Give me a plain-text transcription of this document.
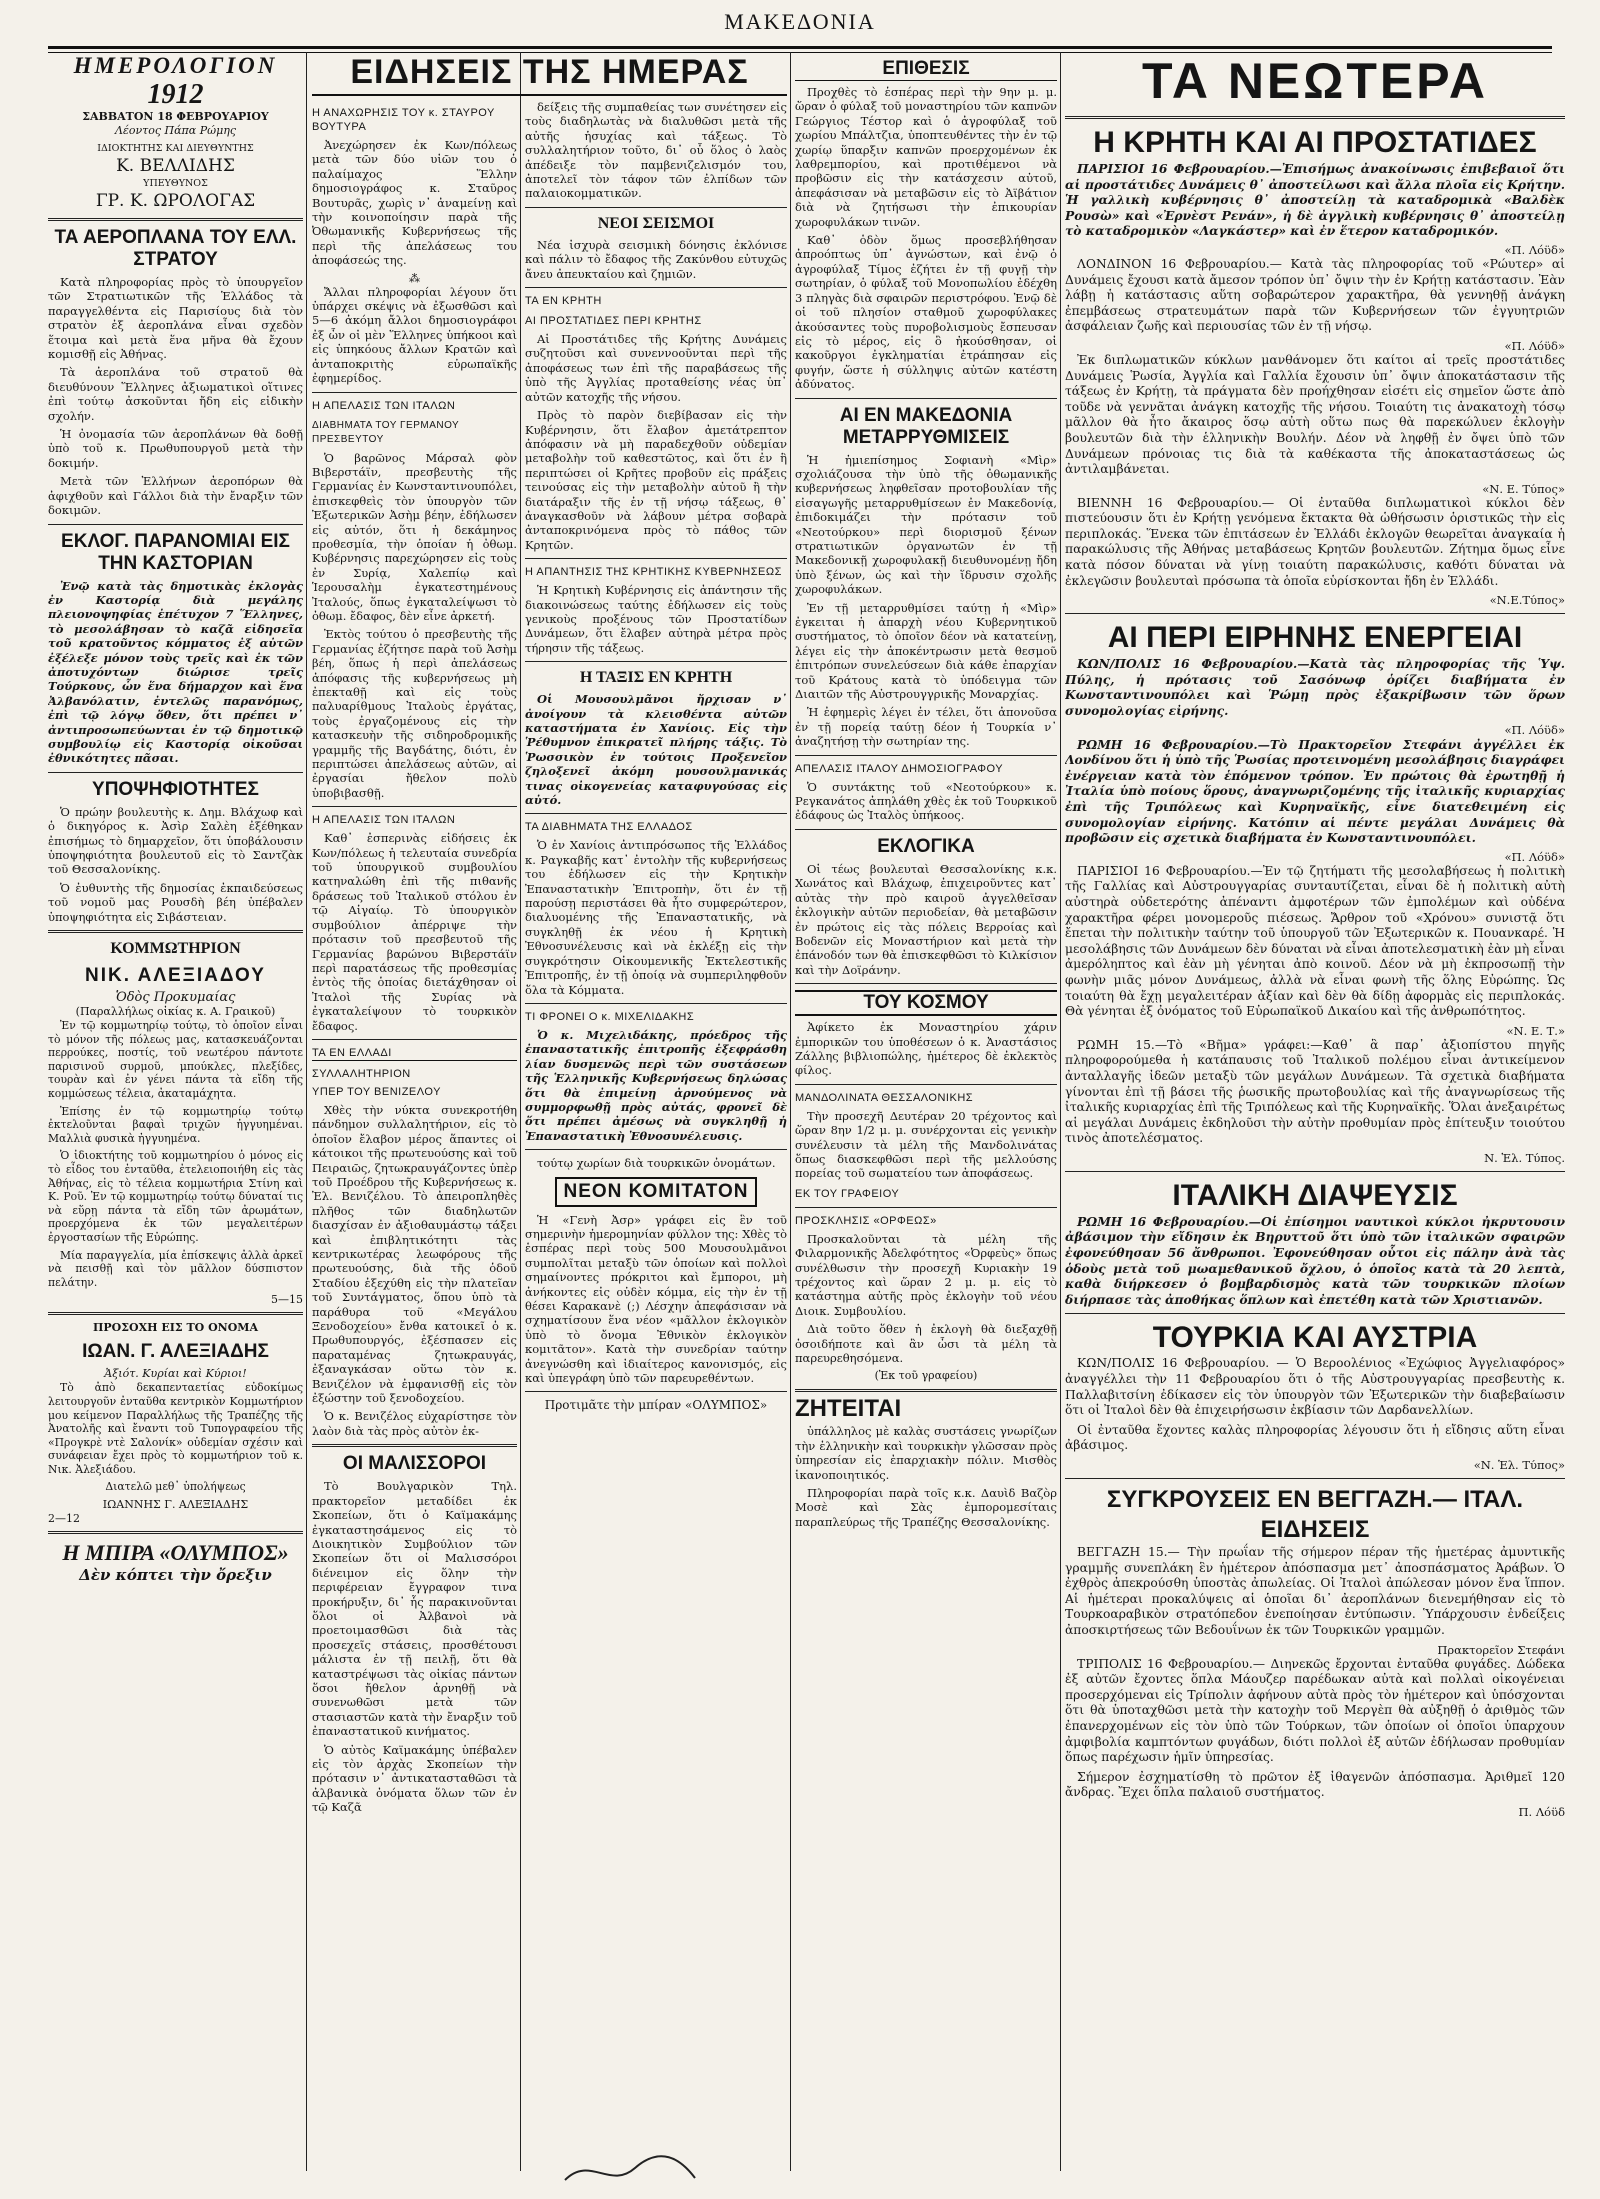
ΜΑΚΕΔΟΝΙΑ
ΗΜΕΡΟΛΟΓΙΟΝ
1912
ΣΑΒΒΑΤΟΝ 18 ΦΕΒΡΟΥΑΡΙΟΥ
Λέοντος Πάπα Ρώμης
ΙΔΙΟΚΤΗΤΗΣ ΚΑΙ ΔΙΕΥΘΥΝΤΗΣ
Κ. ΒΕΛΛΙΔΗΣ
ΥΠΕΥΘΥΝΟΣ
ΓΡ. Κ. ΩΡΟΛΟΓΑΣ
ΤΑ ΑΕΡΟΠΛΑΝΑ ΤΟΥ ΕΛΛ. ΣΤΡΑΤΟΥ

Κατὰ πληροφορίας πρὸς τὸ ὑπουργεῖον τῶν Στρατιωτικῶν τῆς Ἑλλάδος τὰ παραγγελθέντα εἰς Παρισίους διὰ τὸν στρατὸν ἐξ ἀεροπλάνα εἶναι σχεδὸν ἕτοιμα καὶ μετὰ ἕνα μῆνα θὰ ἔχουν κομισθῇ εἰς Ἀθήνας.

Τὰ ἀεροπλάνα τοῦ στρατοῦ θὰ διευθύνουν Ἕλληνες ἀξιωματικοὶ οἵτινες ἐπὶ τούτῳ ἀσκοῦνται ἤδη εἰς εἰδικὴν σχολήν.

Ἡ ὀνομασία τῶν ἀεροπλάνων θὰ δοθῇ ὑπὸ τοῦ κ. Πρωθυπουργοῦ μετὰ τὴν δοκιμήν.

Μετὰ τῶν Ἑλλήνων ἀεροπόρων θὰ ἀφιχθοῦν καὶ Γάλλοι διὰ τὴν ἔναρξιν τῶν δοκιμῶν.

ΕΚΛΟΓ. ΠΑΡΑΝΟΜΙΑΙ ΕΙΣ ΤΗΝ ΚΑΣΤΟΡΙΑΝ

Ἐνῷ κατὰ τὰς δημοτικὰς ἐκλογὰς ἐν Καστορίᾳ διὰ μεγάλης πλειονοψηφίας ἐπέτυχον 7 Ἕλληνες, τὸ μεσολάβησαν τὸ καζᾶ εἰδησεῖα τοῦ κρατοῦντος κόμματος ἐξ αὐτῶν ἐξέλεξε μόνον τοὺς τρεῖς καὶ ἐκ τῶν ἀποτυχόντων διώρισε τρεῖς Τούρκους, ὧν ἕνα δήμαρχον καὶ ἕνα Ἀλβανόλατιν, ἐντελῶς παρανόμως, ἐπὶ τῷ λόγῳ ὅθεν, ὅτι πρέπει ν᾽ ἀντιπροσωπεύωνται ἐν τῷ δημοτικῷ συμβουλίῳ εἰς Καστορίᾳ οἰκοῦσαι ἐθνικότητες πᾶσαι.

ΥΠΟΨΗΦΙΟΤΗΤΕΣ

Ὁ πρώην βουλευτὴς κ. Δημ. Βλάχωφ καὶ ὁ δικηγόρος κ. Ἀσὶρ Σαλὲη ἐξέθηκαν ἐπισήμως τὸ δημαρχεῖον, ὅτι ὑποβάλουσιν ὑποψηφιότητα βουλευτοῦ εἰς τὸ Σαντζὰκ τοῦ Θεσσαλονίκης.

Ὁ ἐυθυντὴς τῆς δημοσίας ἐκπαιδεύσεως τοῦ νομοῦ μας Ρουσδὴ βέη ὑπέβαλεν ὑποψηφιότητα εἰς Σιβάστειαν.

ΚΟΜΜΩΤΗΡΙΟΝ
ΝΙΚ. ΑΛΕΞΙΑΔΟΥ
Ὁδὸς Προκυμαίας
(Παραλλήλως οἰκίας κ. Α. Γραικοῦ)

Ἐν τῷ κομμωτηρίῳ τούτῳ, τὸ ὁποῖον εἶναι τὸ μόνον τῆς πόλεως μας, κατασκευάζονται περρούκες, ποστίς, τοῦ νεωτέρου πάντοτε παρισινοῦ συρμοῦ, μπούκλες, πλεξίδες, τουρὰν καὶ ἐν γένει πάντα τὰ εἴδη τῆς κομμώσεως τέλεια, ἀκαταμάχητα.

Ἐπίσης ἐν τῷ κομμωτηρίῳ τούτῳ ἐκτελοῦνται βαφαὶ τριχῶν ἠγγυημέναι. Μαλλιὰ φυσικὰ ἠγγυημένα.

Ὁ ἰδιοκτήτης τοῦ κομμωτηρίου ὁ μόνος εἰς τὸ εἶδος του ἐνταῦθα, ἐτελειοποιήθη εἰς τὰς Ἀθήνας, εἰς τὸ τέλεια κομμωτήρια Στίνη καὶ Κ. Ροῦ. Ἐν τῷ κομμωτηρίῳ τούτῳ δύναταί τις νὰ εὕρῃ πάντα τὰ εἴδη τῶν ἀρωμάτων, προερχόμενα ἐκ τῶν μεγαλειτέρων ἐργοστασίων τῆς Εὐρώπης.

Μία παραγγελία, μία ἐπίσκεψις ἀλλὰ ἀρκεῖ νὰ πεισθῇ καὶ τὸν μᾶλλον δύσπιστον πελάτην.

5—15
ΠΡΟΣΟΧΗ ΕΙΣ ΤΟ ΟΝΟΜΑ
ΙΩΑΝ. Γ. ΑΛΕΞΙΑΔΗΣ
Ἀξιότ. Κυρίαι καὶ Κύριοι!

Τὸ ἀπὸ δεκαπενταετίας εὐδοκίμως λειτουργοῦν ἐνταῦθα κεντρικὸν Κομμωτήριον μου κείμενον Παραλλήλως τῆς Τραπέζης τῆς Ἀνατολῆς καὶ ἔναντι τοῦ Τυπογραφείου τῆς «Προγκρὲ ντὲ Σαλονίκ» οὐδεμίαν σχέσιν καὶ συνάφειαν ἔχει πρὸς τὸ κομμωτήριον τοῦ κ. Νικ. Ἀλεξιάδου.

Διατελῶ μεθ᾽ ὑπολήψεως

ΙΩΑΝΝΗΣ Γ. ΑΛΕΞΙΑΔΗΣ
2—12
Η ΜΠΙΡΑ «ΟΛΥΜΠΟΣ»
Δὲν κόπτει τὴν ὄρεξιν
ΕΙΔΗΣΕΙΣ ΤΗΣ ΗΜΕΡΑΣ
Η ΑΝΑΧΩΡΗΣΙΣ ΤΟΥ κ. ΣΤΑΥΡΟΥ ΒΟΥΤΥΡΑ

Ἀνεχώρησεν ἐκ Κων/πόλεως μετὰ τῶν δύο υἱῶν του ὁ παλαίμαχος Ἕλλην δημοσιογράφος κ. Σταῦρος Βουτυρᾶς, χωρὶς ν᾽ ἀναμείνῃ καὶ τὴν κοινοποίησιν παρὰ τῆς Ὀθωμανικῆς Κυβερνήσεως τῆς περὶ τῆς ἀπελάσεως του ἀποφάσεώς της.

⁂

Ἄλλαι πληροφορίαι λέγουν ὅτι ὑπάρχει σκέψις νὰ ἐξωσθῶσι καὶ 5—6 ἀκόμη ἄλλοι δημοσιογράφοι ἐξ ὧν οἱ μὲν Ἕλληνες ὑπήκοοι καὶ εἰς ὑπηκόους ἄλλων Κρατῶν καὶ ἀνταποκριτὴς εὐρωπαϊκῆς ἐφημερίδος.

Η ΑΠΕΛΑΣΙΣ ΤΩΝ ΙΤΑΛΩΝ
ΔΙΑΒΗΜΑΤΑ ΤΟΥ ΓΕΡΜΑΝΟΥ ΠΡΕΣΒΕΥΤΟΥ

Ὁ βαρῶνος Μάρσαλ φὸν Βιβερστάϊν, πρεσβευτὴς τῆς Γερμανίας ἐν Κωνσταντινουπόλει, ἐπισκεφθεὶς τὸν ὑπουργὸν τῶν Ἐξωτερικῶν Ἀσὴμ βέην, ἐδήλωσεν εἰς αὐτόν, ὅτι ἡ δεκάμηνος προθεσμία, τὴν ὁποίαν ἡ ὀθωμ. Κυβέρνησις παρεχώρησεν εἰς τοὺς ἐν Συρίᾳ, Χαλεπίῳ καὶ Ἱερουσαλὴμ ἐγκατεστημένους Ἰταλούς, ὅπως ἐγκαταλείψωσι τὸ ὀθωμ. ἔδαφος, δὲν εἶνε ἀρκετή.

Ἐκτὸς τούτου ὁ πρεσβευτὴς τῆς Γερμανίας ἐζήτησε παρὰ τοῦ Ἀσὴμ βέη, ὅπως ἡ περὶ ἀπελάσεως ἀπόφασις τῆς κυβερνήσεως μὴ ἐπεκταθῇ καὶ εἰς τοὺς παλυαρίθμους Ἰταλοὺς ἐργάτας, τοὺς ἐργαζομένους εἰς τὴν κατασκευὴν τῆς σιδηροδρομικῆς γραμμῆς τῆς Βαγδάτης, διότι, ἐν περιπτώσει ἀπελάσεως αὐτῶν, αἱ ἐργασίαι ἤθελον πολὺ ὑποβιβασθῇ.

Η ΑΠΕΛΑΣΙΣ ΤΩΝ ΙΤΑΛΩΝ

Καθ᾽ ἐσπερινὰς εἰδήσεις ἐκ Κων/πόλεως ἡ τελευταία συνεδρία τοῦ ὑπουργικοῦ συμβουλίου κατηναλώθη ἐπὶ τῆς πιθανῆς δράσεως τοῦ Ἰταλικοῦ στόλου ἐν τῷ Αἰγαίῳ. Τὸ ὑπουργικὸν συμβούλιον ἀπέρριψε τὴν πρότασιν τοῦ πρεσβευτοῦ τῆς Γερμανίας βαρώνου Βιβερστάϊν περὶ παρατάσεως τῆς προθεσμίας ἐντὸς τῆς ὁποίας διετάχθησαν οἱ Ἰταλοὶ τῆς Συρίας νὰ ἐγκαταλείψουν τὸ τουρκικὸν ἔδαφος.

ΤΑ ΕΝ ΕΛΛΑΔΙ
ΣΥΛΛΑΛΗΤΗΡΙΟΝ
ΥΠΕΡ ΤΟΥ ΒΕΝΙΖΕΛΟΥ

Χθὲς τὴν νύκτα συνεκροτήθη πάνδημον συλλαλητήριον, εἰς τὸ ὁποῖον ἔλαβον μέρος ἅπαντες οἱ κάτοικοι τῆς πρωτευούσης καὶ τοῦ Πειραιῶς, ζητωκραυγάζοντες ὑπὲρ τοῦ Προέδρου τῆς Κυβερνήσεως κ. Ἐλ. Βενιζέλου. Τὸ ἀπειροπληθὲς πλῆθος τῶν διαδηλωτῶν διασχίσαν ἐν ἀξιοθαυμάστῳ τάξει καὶ ἐπιβλητικότητι τὰς κεντρικωτέρας λεωφόρους τῆς πρωτευούσης, διὰ τῆς ὁδοῦ Σταδίου ἐξεχύθη εἰς τὴν πλατεῖαν τοῦ Συντάγματος, ὅπου ὑπὸ τὰ παράθυρα τοῦ «Μεγάλου Ξενοδοχείου» ἔνθα κατοικεῖ ὁ κ. Πρωθυπουργός, ἐξέσπασεν εἰς παραταμένας ζητωκραυγάς, ἐξαναγκάσαν οὕτω τὸν κ. Βενιζέλον νὰ ἐμφανισθῇ εἰς τὸν ἐξώστην τοῦ ξενοδοχείου.

Ὁ κ. Βενιζέλος εὐχαρίστησε τὸν λαὸν διὰ τὰς πρὸς αὐτὸν ἐκ-

ΟΙ ΜΑΛΙΣΣΟΡΟΙ

Τὸ Βουλγαρικὸν Τηλ. πρακτορεῖον μεταδίδει ἐκ Σκοπείων, ὅτι ὁ Καϊμακάμης ἐγκαταστησάμενος εἰς τὸ Διοικητικὸν Συμβούλιον τῶν Σκοπείων ὅτι οἱ Μαλισσόροι διένειμον εἰς ὅλην τὴν περιφέρειαν ἔγγραφον τινα προκήρυξιν, δι᾽ ἧς παρακινοῦνται ὅλοι οἱ Ἀλβανοὶ νὰ προετοιμασθῶσι διὰ τὰς προσεχεῖς στάσεις, προσθέτουσι μάλιστα ἐν τῇ πειλῇ, ὅτι θὰ καταστρέψωσι τὰς οἰκίας πάντων ὅσοι ἤθελον ἀρνηθῇ νὰ συνενωθῶσι μετὰ τῶν στασιαστῶν κατὰ τὴν ἔναρξιν τοῦ ἐπαναστατικοῦ κινήματος.

Ὁ αὐτὸς Καϊμακάμης ὑπέβαλεν εἰς τὸν ἀρχὰς Σκοπείων τὴν πρότασιν ν᾽ ἀντικατασταθῶσι τὰ ἀλβανικὰ ὀνόματα ὅλων τῶν ἐν τῷ Καζᾶ

δείξεις τῆς συμπαθείας των συνέτησεν εἰς τοὺς διαδηλωτὰς νὰ διαλυθῶσι μετὰ τῆς αὐτῆς ἡσυχίας καὶ τάξεως. Τὸ συλλαλητήριον τοῦτο, δι᾽ οὗ ὅλος ὁ λαὸς ἀπέδειξε τὸν παμβενιζελισμόν του, ἀποτελεῖ τὸν τάφον τῶν ἐλπίδων τῶν παλαιοκομματικῶν.

ΝΕΟΙ ΣΕΙΣΜΟΙ

Νέα ἰσχυρὰ σεισμικὴ δόνησις ἐκλόνισε καὶ πάλιν τὸ ἔδαφος τῆς Ζακύνθου εὐτυχῶς ἄνευ ἀπευκταίου καὶ ζημιῶν.

ΤΑ ΕΝ ΚΡΗΤΗ
ΑΙ ΠΡΟΣΤΑΤΙΔΕΣ ΠΕΡΙ ΚΡΗΤΗΣ

Αἱ Προστάτιδες τῆς Κρήτης Δυνάμεις συζητοῦσι καὶ συνεννοοῦνται περὶ τῆς ἀποφάσεως των ἐπὶ τῆς παραβάσεως τῆς ὑπὸ τῆς Ἀγγλίας προταθείσης νέας ὑπ᾽ αὐτῶν κατοχῆς τῆς νήσου.

Πρὸς τὸ παρὸν διεβίβασαν εἰς τὴν Κυβέρνησιν, ὅτι ἔλαβον ἀμετάτρεπτον ἀπόφασιν νὰ μὴ παραδεχθοῦν οὐδεμίαν μεταβολὴν τοῦ καθεστῶτος, καὶ ὅτι ἐν ἣ περιπτώσει οἱ Κρῆτες προβοῦν εἰς πράξεις τεινούσας εἰς τὴν μεταβολὴν αὐτοῦ ἢ τὴν διατάραξιν τῆς ἐν τῇ νήσῳ τάξεως, θ᾽ ἀναγκασθοῦν νὰ λάβουν μέτρα σοβαρὰ ἀνταποκρινόμενα πρὸς τὸ πάθος τῶν Κρητῶν.

Η ΑΠΑΝΤΗΣΙΣ ΤΗΣ ΚΡΗΤΙΚΗΣ ΚΥΒΕΡΝΗΣΕΩΣ

Ἡ Κρητικὴ Κυβέρνησις εἰς ἀπάντησιν τῆς διακοινώσεως ταύτης ἐδήλωσεν εἰς τοὺς γενικοὺς προξένους τῶν Προστατίδων Δυνάμεων, ὅτι ἔλαβεν αὐτηρὰ μέτρα πρὸς τήρησιν τῆς τάξεως.

Η ΤΑΞΙΣ ΕΝ ΚΡΗΤΗ

Οἱ Μουσουλμᾶνοι ἤρχισαν ν᾽ ἀνοίγουν τὰ κλεισθέντα αὐτῶν καταστήματα ἐν Χανίοις. Εἰς τὴν Ῥέθυμνον ἐπικρατεῖ πλήρης τάξις. Τὸ Ῥωσσικὸν ἐν τούτοις Προξενεῖον ζηλοξενεῖ ἀκόμη μουσουλμανικάς τινας οἰκογενείας καταφυγούσας εἰς αὐτό.

ΤΑ ΔΙΑΒΗΜΑΤΑ ΤΗΣ ΕΛΛΑΔΟΣ

Ὁ ἐν Χανίοις ἀντιπρόσωπος τῆς Ἑλλάδος κ. Ραγκαβῆς κατ᾽ ἐντολὴν τῆς κυβερνήσεως του ἐδήλωσεν εἰς τὴν Κρητικὴν Ἐπαναστατικὴν Ἐπιτροπὴν, ὅτι ἐν τῇ παρούσῃ περιστάσει θὰ ἦτο συμφερώτερον, διαλυομένης τῆς Ἐπαναστατικῆς, νὰ συγκληθῇ ἐκ νέου ἡ Κρητικὴ Ἐθνοσυνέλευσις καὶ νὰ ἐκλέξῃ εἰς τὴν συγκρότησιν Οἰκουμενικῆς Ἐκτελεστικῆς Ἐπιτροπῆς, ἐν τῇ ὁποίᾳ νὰ συμπεριληφθοῦν ὅλα τὰ Κόμματα.

ΤΙ ΦΡΟΝΕΙ Ο κ. ΜΙΧΕΛΙΔΑΚΗΣ

Ὁ κ. Μιχελιδάκης, πρόεδρος τῆς ἐπαναστατικῆς ἐπιτροπῆς ἐξεφράσθη λίαν δυσμενῶς περὶ τῶν συστάσεων τῆς Ἑλληνικῆς Κυβερνήσεως δηλώσας ὅτι θὰ ἐπιμείνῃ ἀρνούμενος νὰ συμμορφωθῇ πρὸς αὐτάς, φρονεῖ δὲ ὅτι πρέπει ἀμέσως νὰ συγκληθῇ ἡ Ἐπαναστατικὴ Ἐθνοσυνέλευσις.

τούτῳ χωρίων διὰ τουρκικῶν ὀνομάτων.

ΝΕΟΝ ΚΟΜΙΤΑΤΟΝ

Ἡ «Γενὴ Ἀσρ» γράφει εἰς ἓν τοῦ σημερινὴν ἡμερομηνίαν φύλλον της: Χθὲς τὸ ἑσπέρας περὶ τοὺς 500 Μουσουλμᾶνοι συμπολῖται μεταξὺ τῶν ὁποίων καὶ πολλοὶ σημαίνοντες πρόκριτοι καὶ ἔμποροι, μὴ ἀνήκοντες εἰς οὐδὲν κόμμα, εἰς τὴν ἐν τῇ θέσει Καρακανὲ (;) Λέσχην ἀπεφάσισαν νὰ σχηματίσουν ἕνα νέον «μᾶλλον ἐκλογικὸν ὑπὸ τὸ ὄνομα Ἐθνικὸν ἐκλογικὸν κομιτᾶτον». Κατὰ τὴν συνεδρίαν ταύτην ἀνεγνώσθη καὶ ἰδιαίτερος κανονισμός, εἰς καὶ ὑπεγράφη ὑπὸ τῶν παρευρεθέντων.

Προτιμᾶτε τὴν μπίραν «ΟΛΥΜΠΟΣ»
ΕΠΙΘΕΣΙΣ

Προχθὲς τὸ ἑσπέρας περὶ τὴν 9ην μ. μ. ὥραν ὁ φύλαξ τοῦ μοναστηρίου τῶν καπνῶν Γεώργιος Τέστορ καὶ ὁ ἀγροφύλαξ τοῦ χωρίου Μπάλτζια, ὑποπτευθέντες τὴν ἐν τῷ χωρίῳ ὕπαρξιν καπνῶν προερχομένων ἐκ λαθρεμπορίου, καὶ προτιθέμενοι νὰ προβῶσιν εἰς τὴν κατάσχεσιν αὐτοῦ, ἀπεφάσισαν νὰ μεταβῶσιν εἰς τὸ Ἀϊβάτιον διὰ νὰ ζητήσωσι τὴν ἐπικουρίαν χωροφυλάκων τινῶν.

Καθ᾽ ὁδὸν ὅμως προσεβλήθησαν ἀπροόπτως ὑπ᾽ ἀγνώστων, καὶ ἐνῷ ὁ ἀγροφύλαξ Τίμος ἐζήτει ἐν τῇ φυγῇ τὴν σωτηρίαν, ὁ φύλαξ τοῦ Μονοπωλίου ἐδέχθη 3 πληγὰς διὰ σφαιρῶν περιστρόφου. Ἐνῷ δὲ οἱ τοῦ πλησίον σταθμοῦ χωροφύλακες ἀκούσαντες τοὺς πυροβολισμοὺς ἔσπευσαν εἰς τὸ μέρος, εἰς ὃ ἠκούσθησαν, οἱ κακοῦργοι ἐγκληματίαι ἐτράπησαν εἰς φυγήν, ὥστε ἡ σύλληψις αὐτῶν κατέστη ἀδύνατος.

ΑΙ ΕΝ ΜΑΚΕΔΟΝΙΑ ΜΕΤΑΡΡΥΘΜΙΣΕΙΣ

Ἡ ἡμιεπίσημος Σοφιανὴ «Μὶρ» σχολιάζουσα τὴν ὑπὸ τῆς ὀθωμανικῆς κυβερνήσεως ληφθεῖσαν προτοβουλίαν τῆς εἰσαγωγῆς μεταρρυθμίσεων ἐν Μακεδονίᾳ, ἐπιδοκιμάζει τὴν πρότασιν τοῦ «Νεοτούρκου» περὶ διορισμοῦ ξένων στρατιωτικῶν ὀργανωτῶν ἐν τῇ Μακεδονικῇ χωροφυλακῇ διευθυνομένῃ ἤδη ὑπὸ ξένων, ὡς καὶ τὴν ἵδρυσιν σχολῆς χωροφυλάκων.

Ἐν τῇ μεταρρυθμίσει ταύτῃ ἡ «Μὶρ» ἐγκειται ἡ ἀπαρχὴ νέου Κυβερνητικοῦ συστήματος, τὸ ὁποῖον δέον νὰ κατατείνῃ, λέγει εἰς τὴν ἀποκέντρωσιν μετὰ θεσμοῦ ἐπιτρόπων συνελεύσεων διὰ κάθε ἐπαρχίαν τοῦ Κράτους κατὰ τὸ ὑπόδειγμα τῶν Διαιτῶν τῆς Αὐστρουγγρικῆς Μοναρχίας.

Ἡ ἐφημερὶς λέγει ἐν τέλει, ὅτι ἀπονοῦσα ἐν τῇ πορείᾳ ταύτῃ δέον ἡ Τουρκία ν᾽ ἀναζητήσῃ τὴν σωτηρίαν της.

ΑΠΕΛΑΣΙΣ ΙΤΑΛΟΥ ΔΗΜΟΣΙΟΓΡΑΦΟΥ

Ὁ συντάκτης τοῦ «Νεοτούρκου» κ. Ρεγκανάτος ἀπηλάθη χθὲς ἐκ τοῦ Τουρκικοῦ ἐδάφους ὡς Ἰταλὸς ὑπήκοος.

ΕΚΛΟΓΙΚΑ

Οἱ τέως βουλευταὶ Θεσσαλονίκης κ.κ. Χωνάτος καὶ Βλάχωφ, ἐπιχειροῦντες κατ᾽ αὐτὰς τὴν πρὸ καιροῦ ἀγγελθεῖσαν ἐκλογικὴν αὐτῶν περιοδείαν, θὰ μεταβῶσιν ἐν πρώτοις εἰς τὰς πόλεις Βερροίας καὶ Βοδενῶν εἰς Μοναστήριον καὶ μετὰ τὴν ἐπάνοδόν των θὰ ἐπισκεφθῶσι τὸ Κιλκίσιον καὶ τὴν Δοϊράνην.

ΤΟΥ ΚΟΣΜΟΥ

Ἀφίκετο ἐκ Μοναστηρίου χάριν ἐμπορικῶν του ὑποθέσεων ὁ κ. Ἀναστάσιος Ζάλλης βιβλιοπώλης, ἡμέτερος δὲ ἐκλεκτὸς φίλος.

ΜΑΝΔΟΛΙΝΑΤΑ ΘΕΣΣΑΛΟΝΙΚΗΣ

Τὴν προσεχῆ Δευτέραν 20 τρέχοντος καὶ ὥραν 8ην 1/2 μ. μ. συνέρχονται εἰς γενικὴν συνέλευσιν τὰ μέλη τῆς Μανδολινάτας ὅπως διασκεφθῶσι περὶ τῆς μελλούσης πορείας τοῦ σωματείου των ἀποφάσεως.

ΕΚ ΤΟΥ ΓΡΑΦΕΙΟΥ
ΠΡΟΣΚΛΗΣΙΣ «ΟΡΦΕΩΣ»

Προσκαλοῦνται τὰ μέλη τῆς Φιλαρμονικῆς Ἀδελφότητος «Ὀρφεὺς» ὅπως συνέλθωσιν τὴν προσεχῆ Κυριακὴν 19 τρέχοντος καὶ ὥραν 2 μ. μ. εἰς τὸ κατάστημα αὐτῆς πρὸς ἐκλογὴν τοῦ νέου Διοικ. Συμβουλίου.

Διὰ τοῦτο ὅθεν ἡ ἐκλογὴ θὰ διεξαχθῇ ὁσοιδήποτε καὶ ἂν ὦσι τὰ μέλη τὰ παρευρεθησόμενα.

(Ἐκ τοῦ γραφείου)
ΖΗΤΕΙΤΑΙ

ὑπάλληλος μὲ καλὰς συστάσεις γνωρίζων τὴν ἑλληνικὴν καὶ τουρκικὴν γλῶσσαν πρὸς ὑπηρεσίαν εἰς ἐπαρχιακὴν πόλιν. Μισθὸς ἱκανοποιητικός.

Πληροφορίαι παρὰ τοῖς κ.κ. Δαυὶδ Βαζὸρ Μοσὲ καὶ Σὰς ἐμπορομεσίταις παραπλεύρως τῆς Τραπέζης Θεσσαλονίκης.

ΤΑ ΝΕΩΤΕΡΑ
Η ΚΡΗΤΗ ΚΑΙ ΑΙ ΠΡΟΣΤΑΤΙΔΕΣ

ΠΑΡΙΣΙΟΙ 16 Φεβρουαρίου.—Ἐπισήμως ἀνακοίνωσις ἐπιβεβαιοῖ ὅτι αἱ προστάτιδες Δυνάμεις θ᾽ ἀποστείλωσι καὶ ἄλλα πλοῖα εἰς Κρήτην. Ἡ γαλλικὴ κυβέρνησις θ᾽ ἀποστείλῃ τὰ καταδρομικὰ «Βαλδὲκ Ρουσὼ» καὶ «Ἐρνὲστ Ρενάν», ἡ δὲ ἀγγλικὴ κυβέρνησις θ᾽ ἀποστείλῃ τὸ καταδρομικὸν «Λαγκάστερ» καὶ ἐν ἕτερον καταδρομικόν.

«Π. Λόϋδ»

ΛΟΝΔΙΝΟΝ 16 Φεβρουαρίου.— Κατὰ τὰς πληροφορίας τοῦ «Ρώυτερ» αἱ Δυνάμεις ἔχουσι κατὰ ἄμεσον τρόπον ὑπ᾽ ὄψιν τὴν ἐν Κρήτῃ κατάστασιν. Ἐὰν λάβῃ ἡ κατάστασις αὕτη σοβαρώτερον χαρακτῆρα, θὰ γεννηθῇ ἀνάγκη ἐπεμβάσεως στρατευμάτων παρὰ τῶν Κυβερνήσεων τῶν ἐγγυητριῶν ἀσφάλειαν ζωῆς καὶ περιουσίας τῶν ἐν τῇ νήσῳ.

«Π. Λόϋδ»

Ἐκ διπλωματικῶν κύκλων μανθάνομεν ὅτι καίτοι αἱ τρεῖς προστάτιδες Δυνάμεις Ῥωσία, Ἀγγλία καὶ Γαλλία ἔχουσιν ὑπ᾽ ὄψιν ἀποκατάστασιν τῆς τάξεως ἐν Κρήτῃ, τὰ πράγματα δὲν προήχθησαν εἰσέτι εἰς σημεῖον ὥστε ἀπὸ τοῦδε νὰ γεννᾶται ἀνάγκη κατοχῆς τῆς νήσου. Τοιαύτη τις ἀνακατοχὴ τόσῳ μᾶλλον θὰ ἦτο ἄκαιρος ὅσῳ αὐτὴ οὕτω πως θὰ παρεκώλυεν ἐκλογὴν βουλευτῶν διὰ τὴν ἑλληνικὴν Βουλήν. Δέον νὰ ληφθῇ ἐν ὄψει ὑπὸ τῶν Δυνάμεων πρόνοιας τις διὰ τὰ καθέκαστα τῆς ἀποκαταστάσεως ὡς ἀντιλαμβάνεται.

«Ν. Ε. Τύπος»

ΒΙΕΝΝΗ 16 Φεβρουαρίου.— Οἱ ἐνταῦθα διπλωματικοὶ κύκλοι δὲν πιστεύουσιν ὅτι ἐν Κρήτῃ γενόμενα ἔκτακτα θὰ ὡθήσωσιν ὁριστικῶς τὴν εἰς περιπλοκάς. Ἕνεκα τῶν ἐπιτάσεων ἐν Ἑλλάδι ἐκλογῶν θεωρεῖται ἀναγκαία ἡ παρακώλυσις τῆς Ἀθήνας μεταβάσεως Κρητῶν βουλευτῶν. Ζήτημα ὅμως εἶνε κατὰ πόσον δύναται νὰ γίνῃ τοιαύτη παρακώλυσις, καθότι δύναται νὰ ἐκλεγῶσιν βουλευταὶ πρόσωπα τὰ ὁποῖα εὑρίσκονται ἤδη ἐν Ἑλλάδι.

«Ν.Ε.Τύπος»
ΑΙ ΠΕΡΙ ΕΙΡΗΝΗΣ ΕΝΕΡΓΕΙΑΙ

ΚΩΝ/ΠΟΛΙΣ 16 Φεβρουαρίου.—Κατὰ τὰς πληροφορίας τῆς Ὑψ. Πύλης, ἡ πρότασις τοῦ Σασόνωφ ὁρίζει διαβήματα ἐν Κωνσταντινουπόλει καὶ Ῥώμῃ πρὸς ἐξακρίβωσιν τῶν ὅρων συνομολογίας εἰρήνης.

«Π. Λόϋδ»

ΡΩΜΗ 16 Φεβρουαρίου.—Τὸ Πρακτορεῖον Στεφάνι ἀγγέλλει ἐκ Λονδίνου ὅτι ἡ ὑπὸ τῆς Ῥωσίας προτεινομένη μεσολάβησις διαγράφει ἐνέργειαν κατὰ τὸν ἑπόμενον τρόπον. Ἐν πρώτοις θὰ ἐρωτηθῇ ἡ Ἰταλία ὑπὸ ποίους ὅρους, ἀναγνωριζομένης τῆς ἰταλικῆς κυριαρχίας ἐπὶ τῆς Τριπόλεως καὶ Κυρηναϊκῆς, εἶνε διατεθειμένη εἰς συνομολογίαν εἰρήνης. Κατόπιν αἱ πέντε μεγάλαι Δυνάμεις θὰ προβῶσιν εἰς σχετικὰ διαβήματα ἐν Κωνσταντινουπόλει.

«Π. Λόϋδ»

ΠΑΡΙΣΙΟΙ 16 Φεβρουαρίου.—Ἐν τῷ ζητήματι τῆς μεσολαβήσεως ἡ πολιτικὴ τῆς Γαλλίας καὶ Αὐστρουγγαρίας συνταυτίζεται, εἶναι δὲ ἡ πολιτικὴ αὐτὴ αὐστηρὰ οὐδετερότης ἀπέναντι ἀμφοτέρων τῶν ἐμπολέμων καὶ οὐδένα χαρακτῆρα φέρει μονομεροῦς πιέσεως. Ἄρθρον τοῦ «Χρόνου» συνιστᾷ ὅτι ἔπεται τὴν πολιτικὴν ταύτην τοῦ ὑπουργοῦ τῶν Ἐξωτερικῶν κ. Πουανκαρέ. Ἡ μεσολάβησις τῶν Δυνάμεων δὲν δύναται νὰ εἶναι ἀποτελεσματικὴ ἐὰν μὴ εἶναι ἀμερόληπτος καὶ ἐὰν μὴ γένηται ἀπὸ κοινοῦ. Δέον νὰ μὴ ἐκπροσωπῇ τὴν φωνὴν μιᾶς μόνον Δυνάμεως, ἀλλὰ νὰ εἶναι φωνὴ τῆς ὅλης Εὐρώπης. Ὡς τοιαύτη θὰ ἔχῃ μεγαλειτέραν ἀξίαν καὶ δὲν θὰ δίδῃ ἀφορμὰς εἰς περιπλοκάς. Θὰ γένηται ἐξ ὀνόματος τοῦ Εὐρωπαϊκοῦ Δικαίου καὶ τῆς ἀνθρωπότητος.

«Ν. Ε. Τ.»

ΡΩΜΗ 15.—Τὸ «Βῆμα» γράφει:—Καθ᾽ ἃ παρ᾽ ἀξιοπίστου πηγῆς πληροφορούμεθα ἡ κατάπαυσις τοῦ Ἰταλικοῦ πολέμου εἶναι ἀντικείμενον ἀνταλλαγῆς ἰδεῶν μεταξὺ τῶν μεγάλων Δυνάμεων. Τὰ σχετικὰ διαβήματα γίνονται ἐπὶ τῇ βάσει τῆς ῥωσικῆς πρωτοβουλίας καὶ τῆς ἀναγνωρίσεως τῆς ἰταλικῆς κυριαρχίας ἐπὶ τῆς Τριπόλεως καὶ τῆς Κυρηναϊκῆς. Ὅλαι ἀνεξαιρέτως αἱ μεγάλαι Δυνάμεις ἐκδηλοῦσι τὴν αὐτὴν προθυμίαν πρὸς ἐπίτευξιν τοιούτου τινὸς ἀποτελέσματος.

Ν. Ἑλ. Τύπος.
ΙΤΑΛΙΚΗ ΔΙΑΨΕΥΣΙΣ

ΡΩΜΗ 16 Φεβρουαρίου.—Οἱ ἐπίσημοι ναυτικοὶ κύκλοι ἠκρυτουσιν ἀβάσιμον τὴν εἴδησιν ἐκ Βηρυττοῦ ὅτι ὑπὸ τῶν ἰταλικῶν σφαιρῶν ἐφονεύθησαν 56 ἄνθρωποι. Ἐφονεύθησαν οὗτοι εἰς πάλην ἀνὰ τὰς ὁδοὺς μετὰ τοῦ μωαμεθανικοῦ ὄχλου, ὁ ὁποῖος κατὰ τὰ 20 λεπτὰ, καθὰ διήρκεσεν ὁ βομβαρδισμὸς κατὰ τῶν τουρκικῶν πλοίων διήρπασε τὰς ἀποθήκας ὅπλων καὶ ἐπετέθη κατὰ τῶν Χριστιανῶν.

ΤΟΥΡΚΙΑ ΚΑΙ ΑΥΣΤΡΙΑ

ΚΩΝ/ΠΟΛΙΣ 16 Φεβρουαρίου. — Ὁ Βεροολένιος «Ἐχώφιος Ἀγγελιαφόρος» ἀναγγέλλει τὴν 11 Φεβρουαρίου ὅτι ὁ τῆς Αὐστρουγγαρίας πρεσβευτὴς κ. Παλλαβιτσίνη ἐδίκασεν εἰς τὸν ὑπουργὸν τῶν Ἐξωτερικῶν τὴν διαβεβαίωσιν ὅτι οἱ Ἰταλοὶ δὲν θὰ ἐπιχειρήσωσιν ἐκβίασιν τῶν Δαρδανελλίων.

Οἱ ἐνταῦθα ἔχοντες καλὰς πληροφορίας λέγουσιν ὅτι ἡ εἴδησις αὕτη εἶναι ἀβάσιμος.

«Ν. Ἑλ. Τύπος»
ΣΥΓΚΡΟΥΣΕΙΣ ΕΝ ΒΕΓΓΑΖΗ.— ΙΤΑΛ. ΕΙΔΗΣΕΙΣ

ΒΕΓΓΑΖΗ 15.— Τὴν πρωΐαν τῆς σήμερον πέραν τῆς ἡμετέρας ἀμυντικῆς γραμμῆς συνεπλάκη ἓν ἡμέτερον ἀπόσπασμα μετ᾽ ἀποσπάσματος Ἀράβων. Ὁ ἐχθρὸς ἀπεκρούσθη ὑποστὰς ἀπωλείας. Οἱ Ἰταλοὶ ἀπώλεσαν μόνον ἕνα ἵππον. Αἱ ἡμέτεραι προκαλύψεις αἱ ὁποῖαι δι᾽ ἀεροπλάνων διενεμήθησαν εἰς τὸ Τουρκοαραβικὸν στρατόπεδον ἐνεποίησαν ἐντύπωσιν. Ὑπάρχουσιν ἐνδείξεις ἀποσκιρτήσεως τῶν Βεδουΐνων ἐκ τῶν Τουρκικῶν γραμμῶν.

Πρακτορεῖον Στεφάνι

ΤΡΙΠΟΛΙΣ 16 Φεβρουαρίου.— Διηνεκῶς ἔρχονται ἐνταῦθα φυγάδες. Δώδεκα ἐξ αὐτῶν ἔχοντες ὅπλα Μάουζερ παρέδωκαν αὐτὰ καὶ πολλαὶ οἰκογένειαι προσερχόμεναι εἰς Τρίπολιν ἀφήνουν αὐτὰ πρὸς τὸν ἡμέτερον καὶ ὑπόσχονται ὅτι θὰ ὑποταχθῶσι μετὰ τὴν κατοχὴν τοῦ Μεργὲπ θὰ αὐξηθῇ ὁ ἀριθμὸς τῶν ἐπανερχομένων εἰς τὸν ὑπὸ τῶν Τούρκων, τῶν ὁποίων οἱ ὁποῖοι ὑπαρχουν ἀμφιβολία καμπτόντων φυγάδων, διότι πολλοὶ ἐξ αὐτῶν ἐδήλωσαν προθυμίαν ὅπως παρέχωσιν ἡμῖν ὑπηρεσίας.

Σήμερον ἐσχηματίσθη τὸ πρῶτον ἐξ ἰθαγενῶν ἀπόσπασμα. Ἀριθμεῖ 120 ἄνδρας. Ἔχει ὅπλα παλαιοῦ συστήματος.

Π. Λόϋδ
